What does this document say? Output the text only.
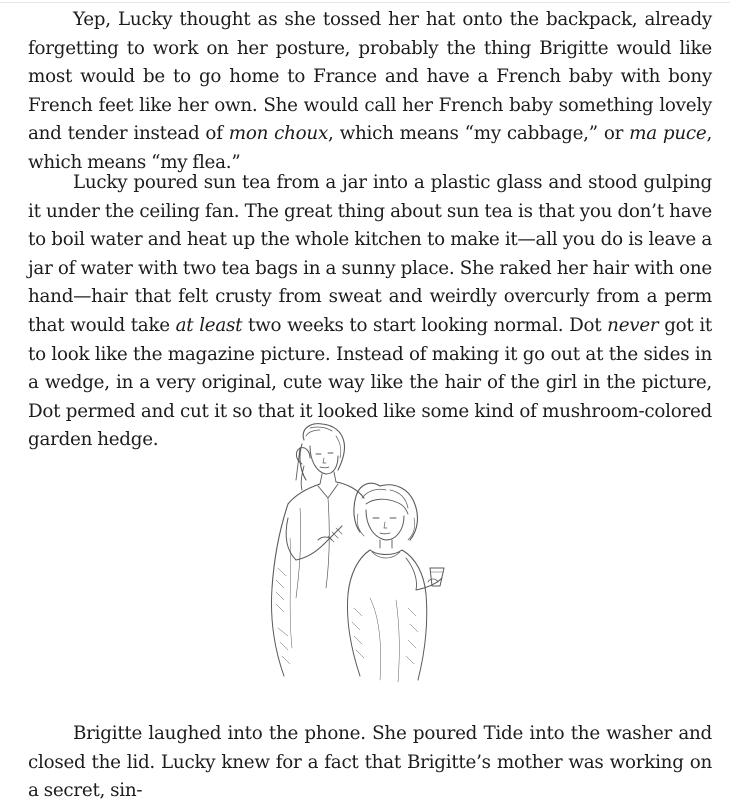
Yep, Lucky thought as she tossed her hat onto the backpack, already forgetting to work on her posture, probably the thing Brigitte would like most would be to go home to France and have a French baby with bony French feet like her own. She would call her French baby something lovely and tender instead of mon choux, which means “my cabbage,” or ma puce, which means “my flea.”

Lucky poured sun tea from a jar into a plastic glass and stood gulping it under the ceiling fan. The great thing about sun tea is that you don’t have to boil water and heat up the whole kitchen to make it—all you do is leave a jar of water with two tea bags in a sunny place. She raked her hair with one hand—hair that felt crusty from sweat and weirdly overcurly from a perm that would take at least two weeks to start looking normal. Dot never got it to look like the magazine picture. Instead of making it go out at the sides in a wedge, in a very original, cute way like the hair of the girl in the picture, Dot permed and cut it so that it looked like some kind of mushroom-colored garden hedge.

Brigitte laughed into the phone. She poured Tide into the washer and closed the lid. Lucky knew for a fact that Brigitte’s mother was working on a secret, sin-
